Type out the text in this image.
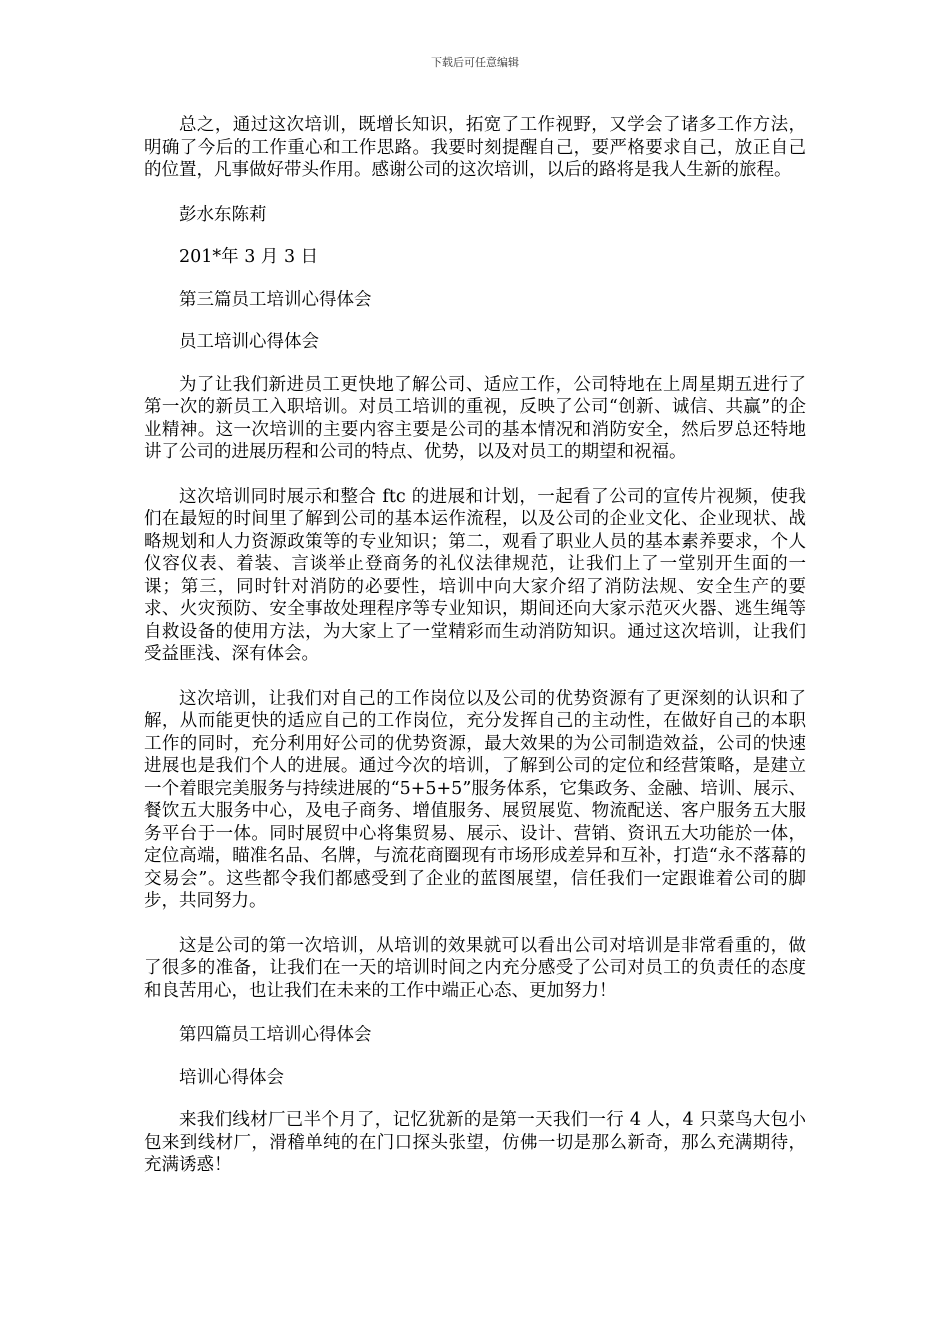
下载后可任意编辑

总之，通过这次培训，既增长知识，拓宽了工作视野，又学会了诸多工作方法，明确了今后的工作重心和工作思路。我要时刻提醒自己，要严格要求自己，放正自己的位置，凡事做好带头作用。感谢公司的这次培训，以后的路将是我人生新的旅程。

彭水东陈莉

201*年 3 月 3 日

第三篇员工培训心得体会

员工培训心得体会

为了让我们新进员工更快地了解公司、适应工作，公司特地在上周星期五进行了第一次的新员工入职培训。对员工培训的重视，反映了公司“创新、诚信、共赢”的企业精神。这一次培训的主要内容主要是公司的基本情况和消防安全，然后罗总还特地讲了公司的进展历程和公司的特点、优势，以及对员工的期望和祝福。

这次培训同时展示和整合 ftc 的进展和计划，一起看了公司的宣传片视频，使我们在最短的时间里了解到公司的基本运作流程，以及公司的企业文化、企业现状、战略规划和人力资源政策等的专业知识；第二，观看了职业人员的基本素养要求，个人仪容仪表、着装、言谈举止登商务的礼仪法律规范，让我们上了一堂别开生面的一课；第三，同时针对消防的必要性，培训中向大家介绍了消防法规、安全生产的要求、火灾预防、安全事故处理程序等专业知识，期间还向大家示范灭火器、逃生绳等自救设备的使用方法，为大家上了一堂精彩而生动消防知识。通过这次培训，让我们受益匪浅、深有体会。

这次培训，让我们对自己的工作岗位以及公司的优势资源有了更深刻的认识和了解，从而能更快的适应自己的工作岗位，充分发挥自己的主动性，在做好自己的本职工作的同时，充分利用好公司的优势资源，最大效果的为公司制造效益，公司的快速进展也是我们个人的进展。通过今次的培训，了解到公司的定位和经营策略，是建立一个着眼完美服务与持续进展的“5+5+5”服务体系，它集政务、金融、培训、展示、餐饮五大服务中心，及电子商务、增值服务、展贸展览、物流配送、客户服务五大服务平台于一体。同时展贸中心将集贸易、展示、设计、营销、资讯五大功能於一体，定位高端，瞄准名品、名牌，与流花商圈现有市场形成差异和互补，打造“永不落幕的交易会”。这些都令我们都感受到了企业的蓝图展望，信任我们一定跟谁着公司的脚步，共同努力。

这是公司的第一次培训，从培训的效果就可以看出公司对培训是非常看重的，做了很多的准备，让我们在一天的培训时间之内充分感受了公司对员工的负责任的态度和良苦用心，也让我们在未来的工作中端正心态、更加努力！

第四篇员工培训心得体会

培训心得体会

来我们线材厂已半个月了，记忆犹新的是第一天我们一行 4 人，4 只菜鸟大包小包来到线材厂，滑稽单纯的在门口探头张望，仿佛一切是那么新奇，那么充满期待，充满诱惑！
